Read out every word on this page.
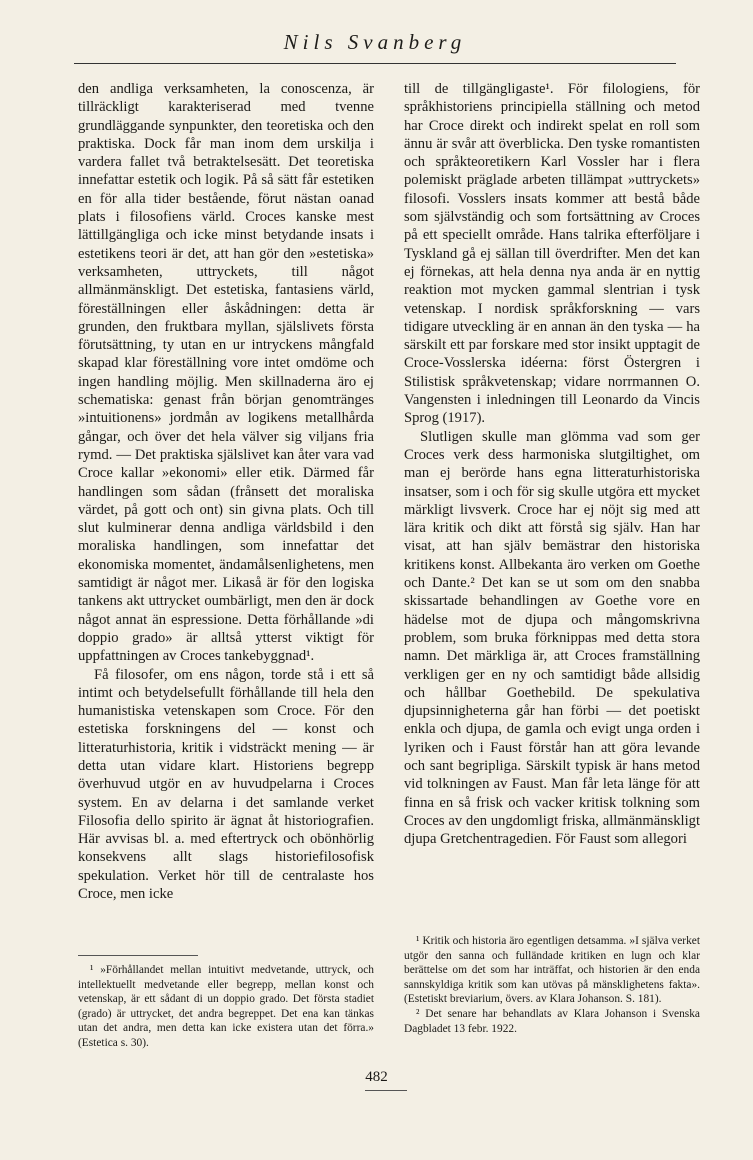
Nils Svanberg

den andliga verksamheten, la conoscenza, är tillräckligt karakteriserad med tvenne grundläggande synpunkter, den teoretiska och den praktiska. Dock får man inom dem urskilja i vardera fallet två betraktelsesätt. Det teoretiska innefattar estetik och logik. På så sätt får estetiken en för alla tider bestående, förut nästan oanad plats i filosofiens värld. Croces kanske mest lättillgängliga och icke minst betydande insats i estetikens teori är det, att han gör den »estetiska» verksamheten, uttryckets, till något allmänmänskligt. Det estetiska, fantasiens värld, föreställningen eller åskådningen: detta är grunden, den fruktbara myllan, själslivets första förutsättning, ty utan en ur intryckens mångfald skapad klar föreställning vore intet omdöme och ingen handling möjlig. Men skillnaderna äro ej schematiska: genast från början genomtränges »intuitionens» jordmån av logikens metallhårda gångar, och över det hela välver sig viljans fria rymd. — Det praktiska själslivet kan åter vara vad Croce kallar »ekonomi» eller etik. Därmed får handlingen som sådan (frånsett det moraliska värdet, på gott och ont) sin givna plats. Och till slut kulminerar denna andliga världsbild i den moraliska handlingen, som innefattar det ekonomiska momentet, ändamålsenlighetens, men samtidigt är något mer. Likaså är för den logiska tankens akt uttrycket oumbärligt, men den är dock något annat än espressione. Detta förhållande »di doppio grado» är alltså ytterst viktigt för uppfattningen av Croces tankebyggnad¹.

Få filosofer, om ens någon, torde stå i ett så intimt och betydelsefullt förhållande till hela den humanistiska vetenskapen som Croce. För den estetiska forskningens del — konst och litteraturhistoria, kritik i vidsträckt mening — är detta utan vidare klart. Historiens begrepp överhuvud utgör en av huvudpelarna i Croces system. En av delarna i det samlande verket Filosofia dello spirito är ägnat åt historiografien. Här avvisas bl. a. med eftertryck och obönhörlig konsekvens allt slags historiefilosofisk spekulation. Verket hör till de centralaste hos Croce, men icke

till de tillgängligaste¹. För filologiens, för språkhistoriens principiella ställning och metod har Croce direkt och indirekt spelat en roll som ännu är svår att överblicka. Den tyske romantisten och språkteoretikern Karl Vossler har i flera polemiskt präglade arbeten tillämpat »uttryckets» filosofi. Vosslers insats kommer att bestå både som självständig och som fortsättning av Croces på ett speciellt område. Hans talrika efterföljare i Tyskland gå ej sällan till överdrifter. Men det kan ej förnekas, att hela denna nya anda är en nyttig reaktion mot mycken gammal slentrian i tysk vetenskap. I nordisk språkforskning — vars tidigare utveckling är en annan än den tyska — ha särskilt ett par forskare med stor insikt upptagit de Croce-Vosslerska idéerna: först Östergren i Stilistisk språkvetenskap; vidare norrmannen O. Vangensten i inledningen till Leonardo da Vincis Sprog (1917).

Slutligen skulle man glömma vad som ger Croces verk dess harmoniska slutgiltighet, om man ej berörde hans egna litteraturhistoriska insatser, som i och för sig skulle utgöra ett mycket märkligt livsverk. Croce har ej nöjt sig med att lära kritik och dikt att förstå sig själv. Han har visat, att han själv bemästrar den historiska kritikens konst. Allbekanta äro verken om Goethe och Dante.² Det kan se ut som om den snabba skissartade behandlingen av Goethe vore en hädelse mot de djupa och mångomskrivna problem, som bruka förknippas med detta stora namn. Det märkliga är, att Croces framställning verkligen ger en ny och samtidigt både allsidig och hållbar Goethebild. De spekulativa djupsinnigheterna går han förbi — det poetiskt enkla och djupa, de gamla och evigt unga orden i lyriken och i Faust förstår han att göra levande och sant begripliga. Särskilt typisk är hans metod vid tolkningen av Faust. Man får leta länge för att finna en så frisk och vacker kritisk tolkning som Croces av den ungdomligt friska, allmänmänskligt djupa Gretchentragedien. För Faust som allegori

¹ »Förhållandet mellan intuitivt medvetande, uttryck, och intellektuellt medvetande eller begrepp, mellan konst och vetenskap, är ett sådant di un doppio grado. Det första stadiet (grado) är uttrycket, det andra begreppet. Det ena kan tänkas utan det andra, men detta kan icke existera utan det förra.» (Estetica s. 30).

¹ Kritik och historia äro egentligen detsamma. »I själva verket utgör den sanna och fulländade kritiken en lugn och klar berättelse om det som har inträffat, och historien är den enda sannskyldiga kritik som kan utövas på mänsklighetens fakta». (Estetiskt breviarium, övers. av Klara Johanson. S. 181).

² Det senare har behandlats av Klara Johanson i Svenska Dagbladet 13 febr. 1922.

482
